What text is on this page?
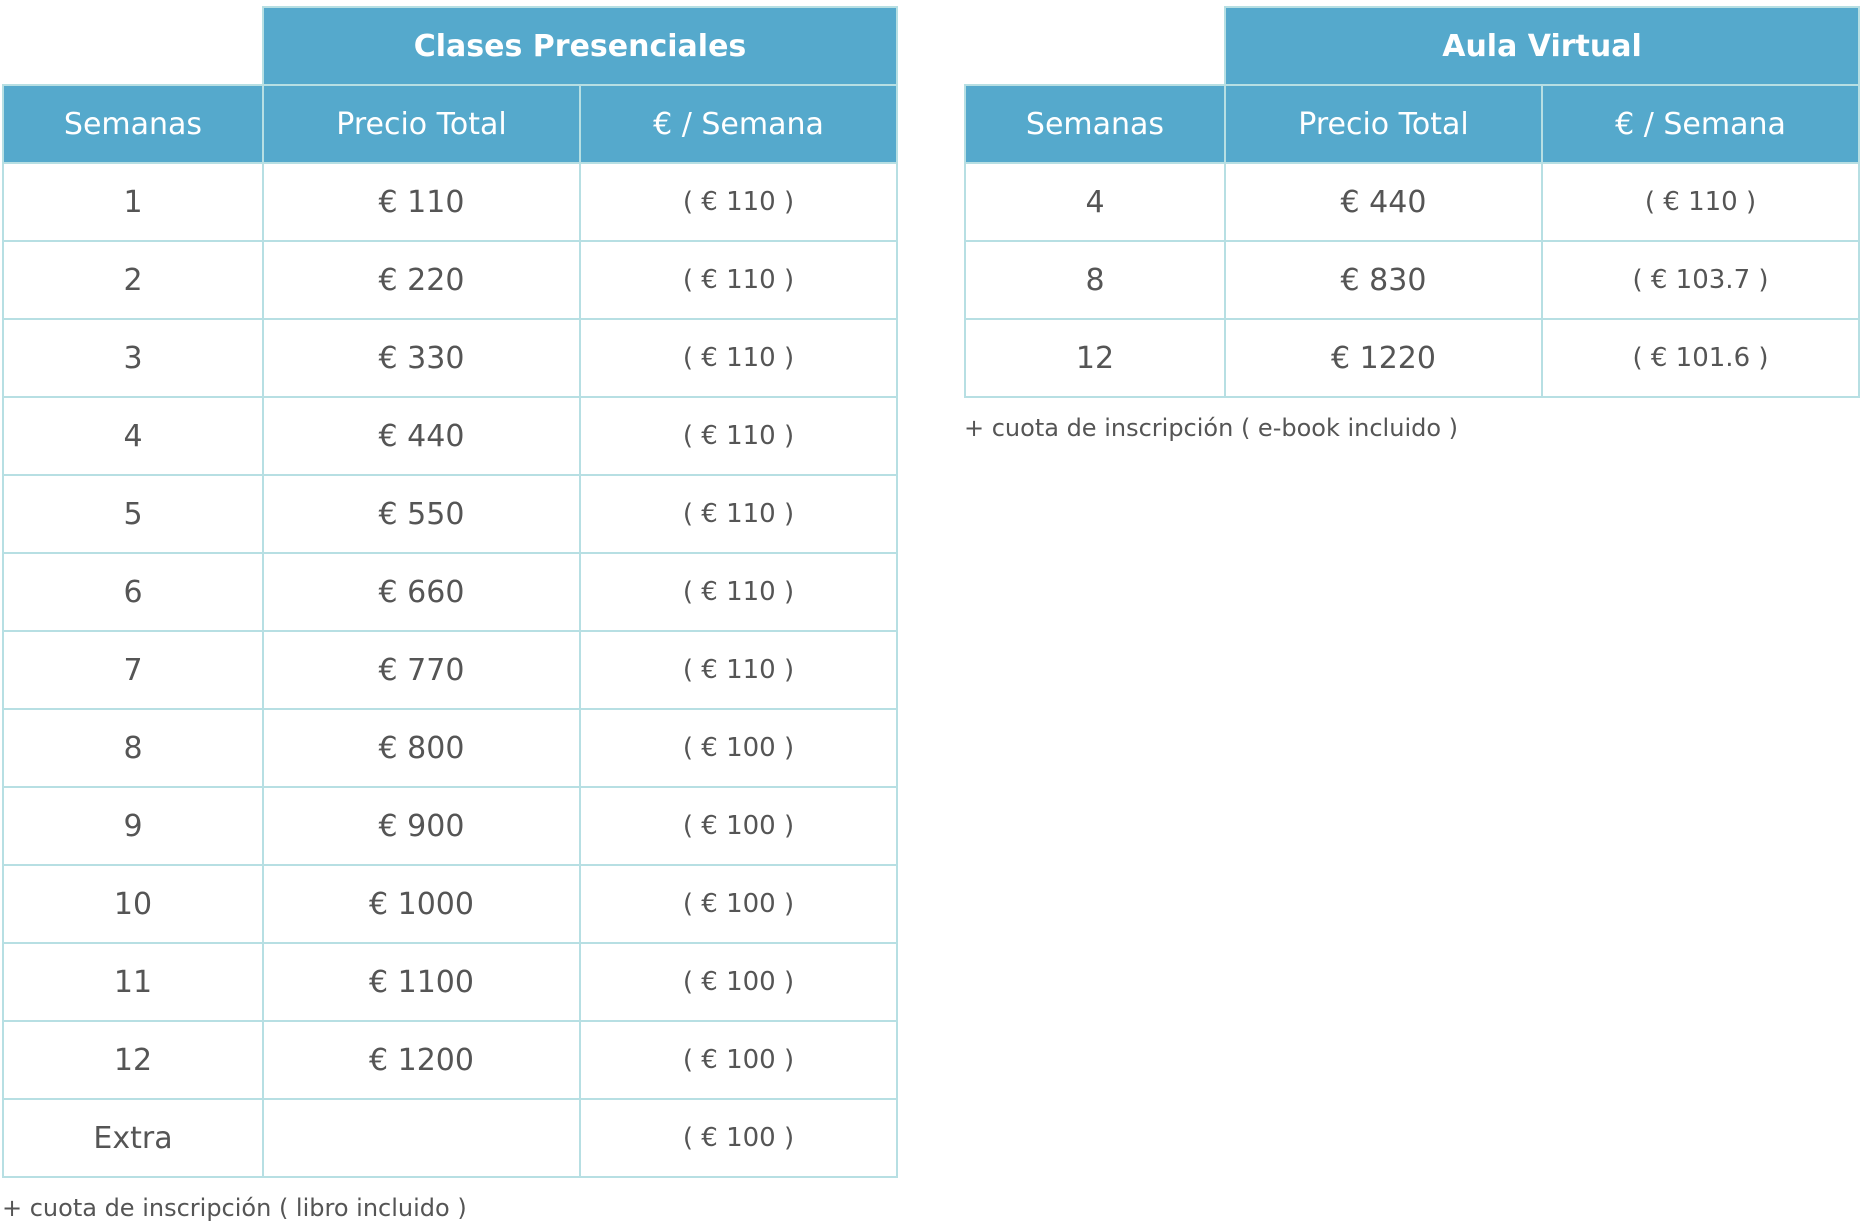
	Clases Presenciales	
Semanas	Precio Total	€ / Semana
1	€ 110	( € 110 )
2	€ 220	( € 110 )
3	€ 330	( € 110 )
4	€ 440	( € 110 )
5	€ 550	( € 110 )
6	€ 660	( € 110 )
7	€ 770	( € 110 )
8	€ 800	( € 100 )
9	€ 900	( € 100 )
10	€ 1000	( € 100 )
11	€ 1100	( € 100 )
12	€ 1200	( € 100 )
Extra		( € 100 )
+ cuota de inscripción ( libro incluido )
	Aula Virtual	
Semanas	Precio Total	€ / Semana
4	€ 440	( € 110 )
8	€ 830	( € 103.7 )
12	€ 1220	( € 101.6 )
+ cuota de inscripción ( e-book incluido )
